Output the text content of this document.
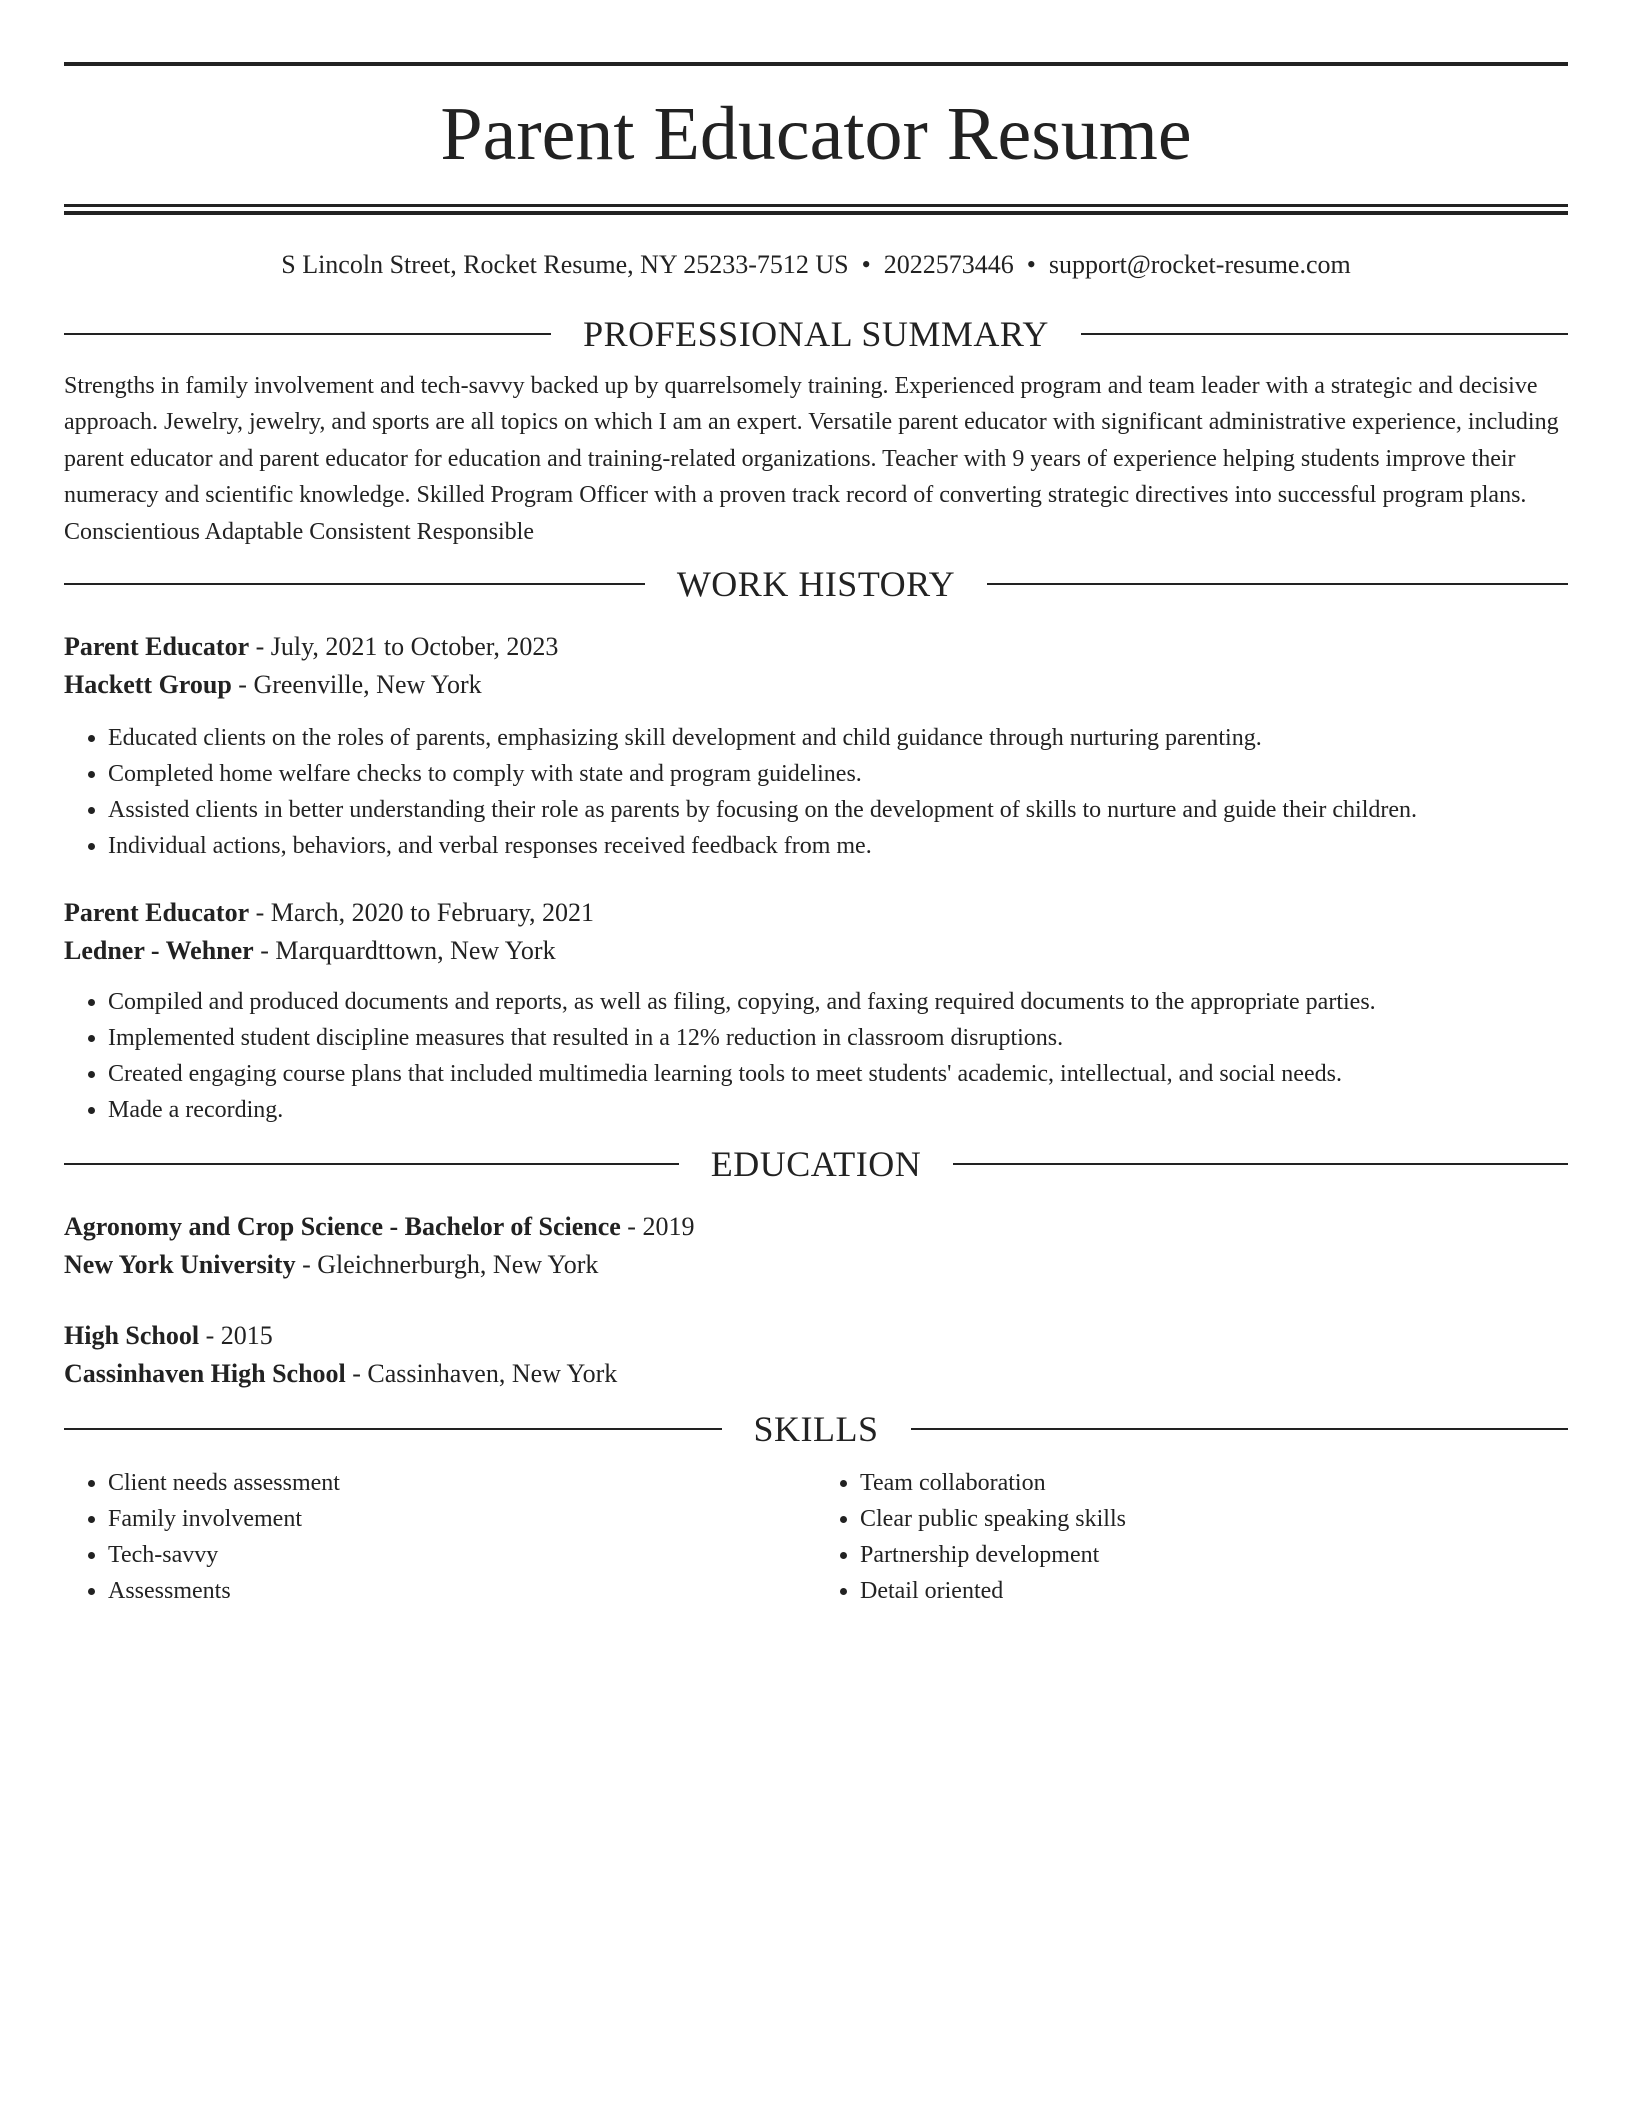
Parent Educator Resume
S Lincoln Street, Rocket Resume, NY 25233-7512 US • 2022573446 • support@rocket-resume.com
PROFESSIONAL SUMMARY
Strengths in family involvement and tech-savvy backed up by quarrelsomely training. Experienced program and team leader with a strategic and decisive approach. Jewelry, jewelry, and sports are all topics on which I am an expert. Versatile parent educator with significant administrative experience, including parent educator and parent educator for education and training-related organizations. Teacher with 9 years of experience helping students improve their numeracy and scientific knowledge. Skilled Program Officer with a proven track record of converting strategic directives into successful program plans. Conscientious Adaptable Consistent Responsible
WORK HISTORY
Parent Educator - July, 2021 to October, 2023
Hackett Group - Greenville, New York
• Educated clients on the roles of parents, emphasizing skill development and child guidance through nurturing parenting.
• Completed home welfare checks to comply with state and program guidelines.
• Assisted clients in better understanding their role as parents by focusing on the development of skills to nurture and guide their children.
• Individual actions, behaviors, and verbal responses received feedback from me.
Parent Educator - March, 2020 to February, 2021
Ledner - Wehner - Marquardttown, New York
• Compiled and produced documents and reports, as well as filing, copying, and faxing required documents to the appropriate parties.
• Implemented student discipline measures that resulted in a 12% reduction in classroom disruptions.
• Created engaging course plans that included multimedia learning tools to meet students' academic, intellectual, and social needs.
• Made a recording.
EDUCATION
Agronomy and Crop Science - Bachelor of Science - 2019
New York University - Gleichnerburgh, New York
High School - 2015
Cassinhaven High School - Cassinhaven, New York
SKILLS
• Client needs assessment
• Family involvement
• Tech-savvy
• Assessments
• Team collaboration
• Clear public speaking skills
• Partnership development
• Detail oriented
